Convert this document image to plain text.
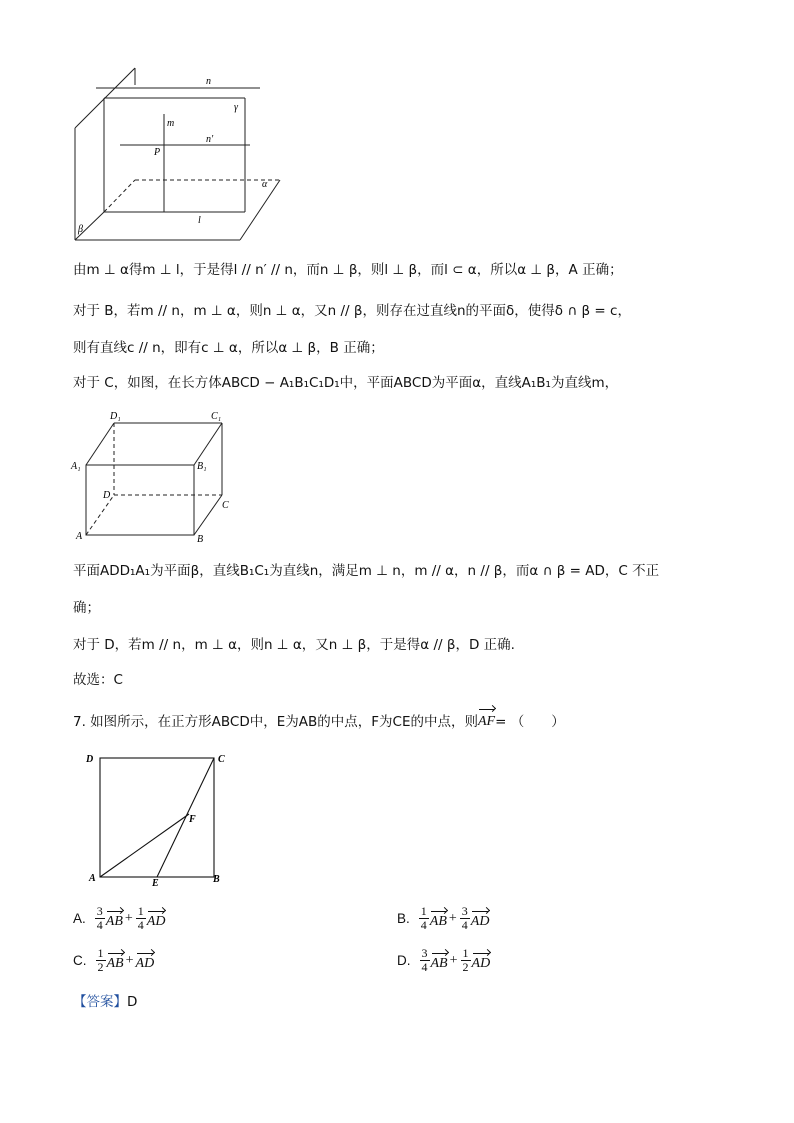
n
γ
m
n′
P
α
l
β
由m ⊥ α得m ⊥ l，于是得l // n′ // n，而n ⊥ β，则l ⊥ β，而l ⊂ α，所以α ⊥ β，A 正确；
对于 B，若m // n，m ⊥ α，则n ⊥ α，又n // β，则存在过直线n的平面δ，使得δ ∩ β = c，
则有直线c // n，即有c ⊥ α，所以α ⊥ β，B 正确；
对于 C，如图，在长方体ABCD − A₁B₁C₁D₁中，平面ABCD为平面α，直线A₁B₁为直线m，
D₁	C₁
A₁	B₁
D
C
A	B
平面ADD₁A₁为平面β，直线B₁C₁为直线n，满足m ⊥ n，m // α，n // β，而α ∩ β = AD，C 不正
确；
对于 D，若m // n，m ⊥ α，则n ⊥ α，又n ⊥ β，于是得α // β，D 正确.
故选：C
7. 如图所示，在正方形ABCD中，E为AB的中点，F为CE的中点，则 AF = （　　）
D	C
F
A	E	B
A. $\frac{3}{4}$ AB + $\frac{1}{4}$ AD	B. $\frac{1}{4}$ AB + $\frac{3}{4}$ AD
C. $\frac{1}{2}$ AB + AD	D. $\frac{3}{4}$ AB + $\frac{1}{2}$ AD
【答案】D
